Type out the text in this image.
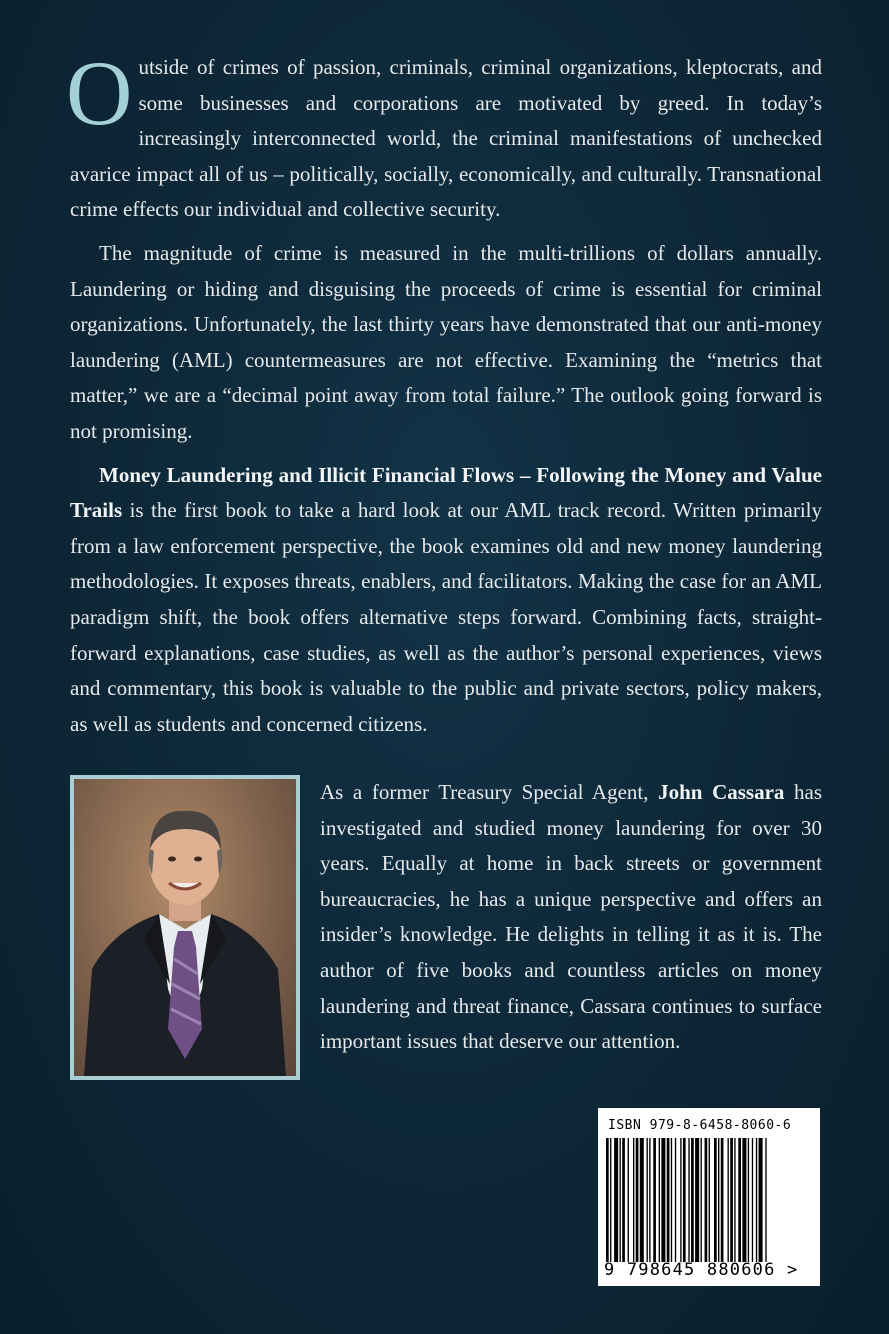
Outside of crimes of passion, criminals, criminal organizations, kleptocrats, and some businesses and corporations are motivated by greed. In today’s increasingly interconnected world, the criminal manifestations of unchecked avarice impact all of us – politically, socially, economically, and culturally. Transnational crime effects our individual and collective security.

The magnitude of crime is measured in the multi-trillions of dollars annually. Laundering or hiding and disguising the proceeds of crime is essential for criminal organizations. Unfortunately, the last thirty years have demonstrated that our anti-money laundering (AML) countermeasures are not effective. Examining the “metrics that matter,” we are a “decimal point away from total failure.” The outlook going forward is not promising.

Money Laundering and Illicit Financial Flows – Following the Money and Value Trails is the first book to take a hard look at our AML track record. Written primarily from a law enforcement perspective, the book examines old and new money laundering methodologies. It exposes threats, enablers, and facilitators. Making the case for an AML paradigm shift, the book offers alternative steps forward. Combining facts, straight-forward explanations, case studies, as well as the author’s personal experiences, views and commentary, this book is valuable to the public and private sectors, policy makers, as well as students and concerned citizens.

As a former Treasury Special Agent, John Cassara has investigated and studied money laundering for over 30 years. Equally at home in back streets or government bureaucracies, he has a unique perspective and offers an insider’s knowledge. He delights in telling it as it is. The author of five books and countless articles on money laundering and threat finance, Cassara continues to surface important issues that deserve our attention.

ISBN 979-8-6458-8060-6
9 798645 880606 >
